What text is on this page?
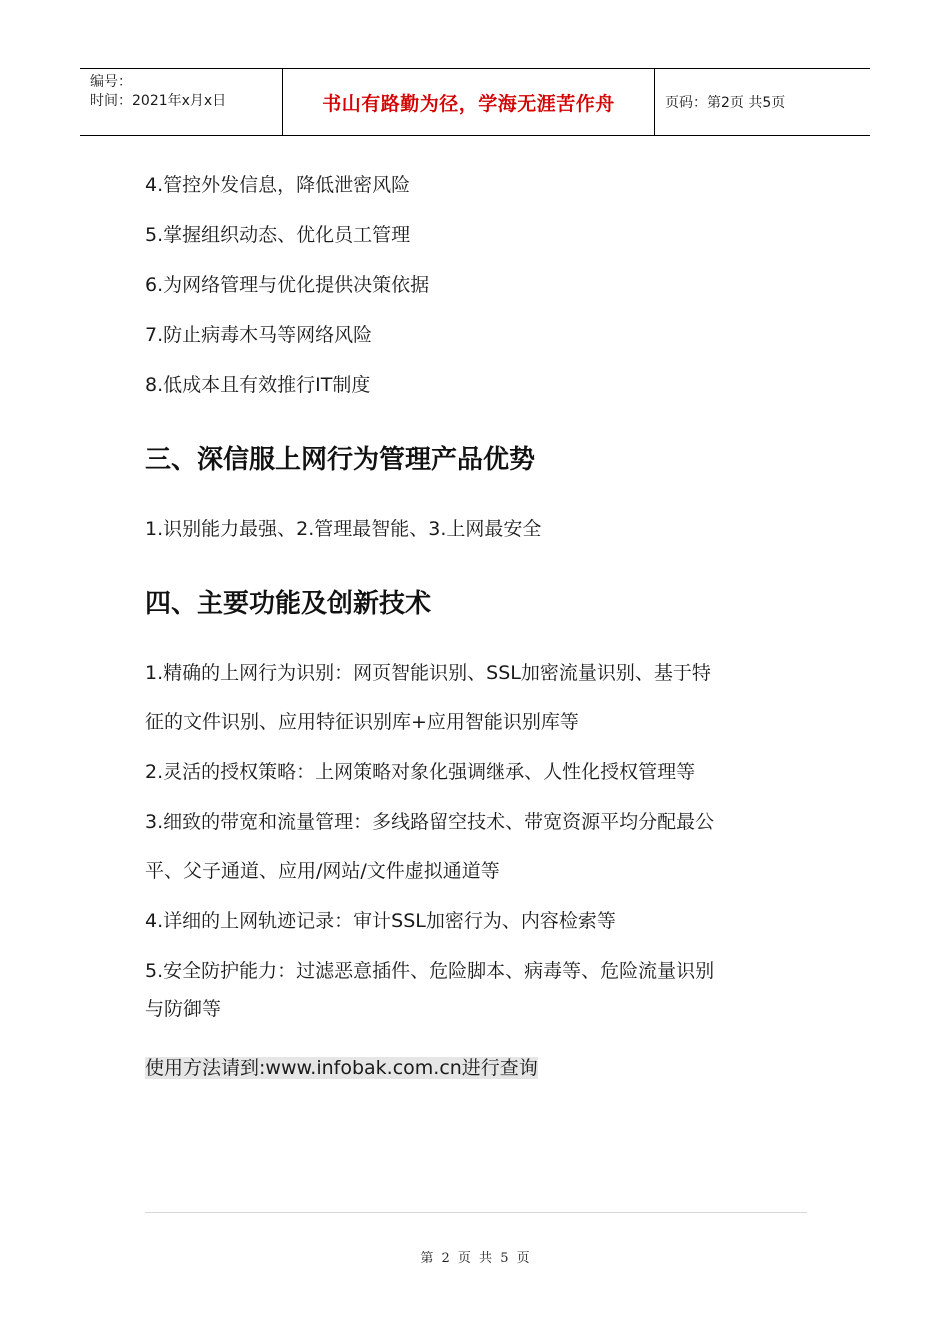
编号：
时间：2021年x月x日	书山有路勤为径，学海无涯苦作舟	页码：第2页 共5页
4.管控外发信息，降低泄密风险
5.掌握组织动态、优化员工管理
6.为网络管理与优化提供决策依据
7.防止病毒木马等网络风险
8.低成本且有效推行IT制度
三、深信服上网行为管理产品优势
1.识别能力最强、2.管理最智能、3.上网最安全
四、主要功能及创新技术
1.精确的上网行为识别：网页智能识别、SSL加密流量识别、基于特
征的文件识别、应用特征识别库+应用智能识别库等
2.灵活的授权策略：上网策略对象化强调继承、人性化授权管理等
3.细致的带宽和流量管理：多线路留空技术、带宽资源平均分配最公
平、父子通道、应用/网站/文件虚拟通道等
4.详细的上网轨迹记录：审计SSL加密行为、内容检索等
5.安全防护能力：过滤恶意插件、危险脚本、病毒等、危险流量识别
与防御等
使用方法请到:www.infobak.com.cn进行查询
第 2 页 共 5 页
